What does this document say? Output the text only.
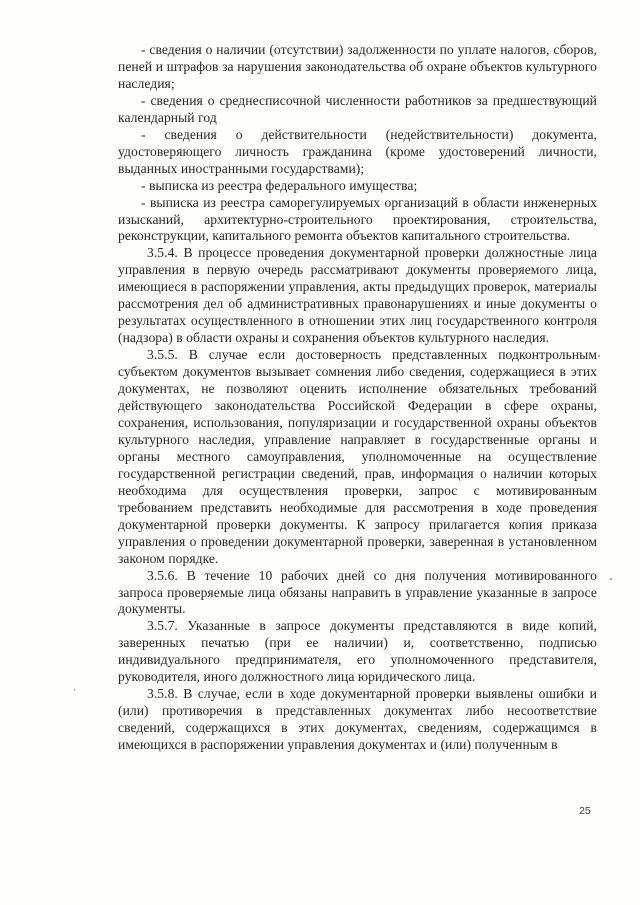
- сведения о наличии (отсутствии) задолженности по уплате налогов, сборов, пеней и штрафов за нарушения законодательства об охране объектов культурного наследия;

- сведения о среднесписочной численности работников за предшествующий календарный год

- сведения о действительности (недействительности) документа, удостоверяющего личность гражданина (кроме удостоверений личности, выданных иностранными государствами);

- выписка из реестра федерального имущества;

- выписка из реестра саморегулируемых организаций в области инженерных изысканий, архитектурно-строительного проектирования, строительства, реконструкции, капитального ремонта объектов капитального строительства.

3.5.4. В процессе проведения документарной проверки должностные лица управления в первую очередь рассматривают документы проверяемого лица, имеющиеся в распоряжении управления, акты предыдущих проверок, материалы рассмотрения дел об административных правонарушениях и иные документы о результатах осуществленного в отношении этих лиц государственного контроля (надзора) в области охраны и сохранения объектов культурного наследия.

3.5.5. В случае если достоверность представленных подконтрольным субъектом документов вызывает сомнения либо сведения, содержащиеся в этих документах, не позволяют оценить исполнение обязательных требований действующего законодательства Российской Федерации в сфере охраны, сохранения, использования, популяризации и государственной охраны объектов культурного наследия, управление направляет в государственные органы и органы местного самоуправления, уполномоченные на осуществление государственной регистрации сведений, прав, информация о наличии которых необходима для осуществления проверки, запрос с мотивированным требованием представить необходимые для рассмотрения в ходе проведения документарной проверки документы. К запросу прилагается копия приказа управления о проведении документарной проверки, заверенная в установленном законом порядке.

3.5.6. В течение 10 рабочих дней со дня получения мотивированного запроса проверяемые лица обязаны направить в управление указанные в запросе документы.

3.5.7. Указанные в запросе документы представляются в виде копий, заверенных печатью (при ее наличии) и, соответственно, подписью индивидуального предпринимателя, его уполномоченного представителя, руководителя, иного должностного лица юридического лица.

3.5.8. В случае, если в ходе документарной проверки выявлены ошибки и (или) противоречия в представленных документах либо несоответствие сведений, содержащихся в этих документах, сведениям, содержащимся в имеющихся в распоряжении управления документах и (или) полученным в

25
